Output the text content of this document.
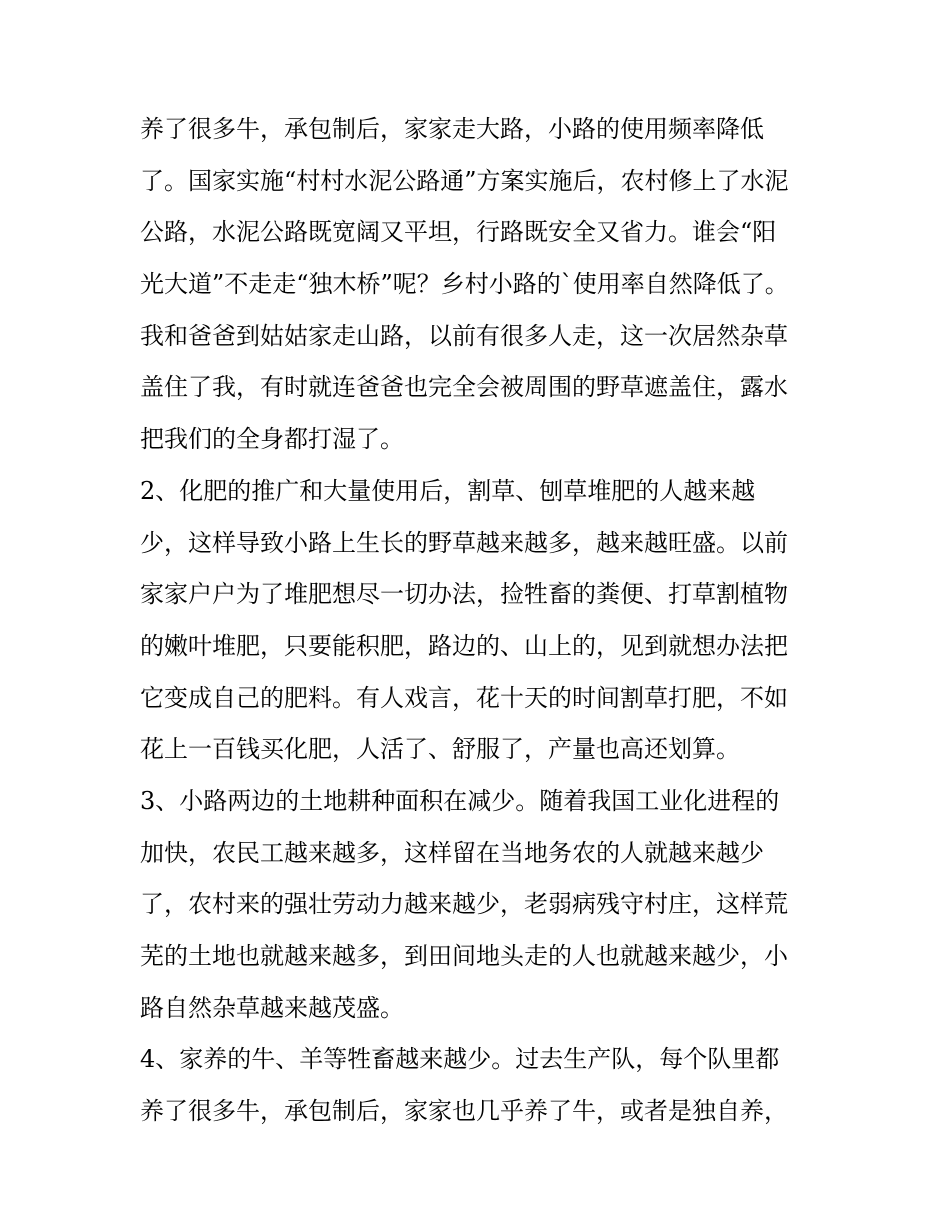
养了很多牛，承包制后，家家走大路，小路的使用频率降低
了。国家实施“村村水泥公路通”方案实施后，农村修上了水泥
公路，水泥公路既宽阔又平坦，行路既安全又省力。谁会“阳
光大道”不走走“独木桥”呢？乡村小路的`使用率自然降低了。
我和爸爸到姑姑家走山路，以前有很多人走，这一次居然杂草
盖住了我，有时就连爸爸也完全会被周围的野草遮盖住，露水
把我们的全身都打湿了。
2、化肥的推广和大量使用后，割草、刨草堆肥的人越来越
少，这样导致小路上生长的野草越来越多，越来越旺盛。以前
家家户户为了堆肥想尽一切办法，捡牲畜的粪便、打草割植物
的嫩叶堆肥，只要能积肥，路边的、山上的，见到就想办法把
它变成自己的肥料。有人戏言，花十天的时间割草打肥，不如
花上一百钱买化肥，人活了、舒服了，产量也高还划算。
3、小路两边的土地耕种面积在减少。随着我国工业化进程的
加快，农民工越来越多，这样留在当地务农的人就越来越少
了，农村来的强壮劳动力越来越少，老弱病残守村庄，这样荒
芜的土地也就越来越多，到田间地头走的人也就越来越少，小
路自然杂草越来越茂盛。
4、家养的牛、羊等牲畜越来越少。过去生产队，每个队里都
养了很多牛，承包制后，家家也几乎养了牛，或者是独自养，
